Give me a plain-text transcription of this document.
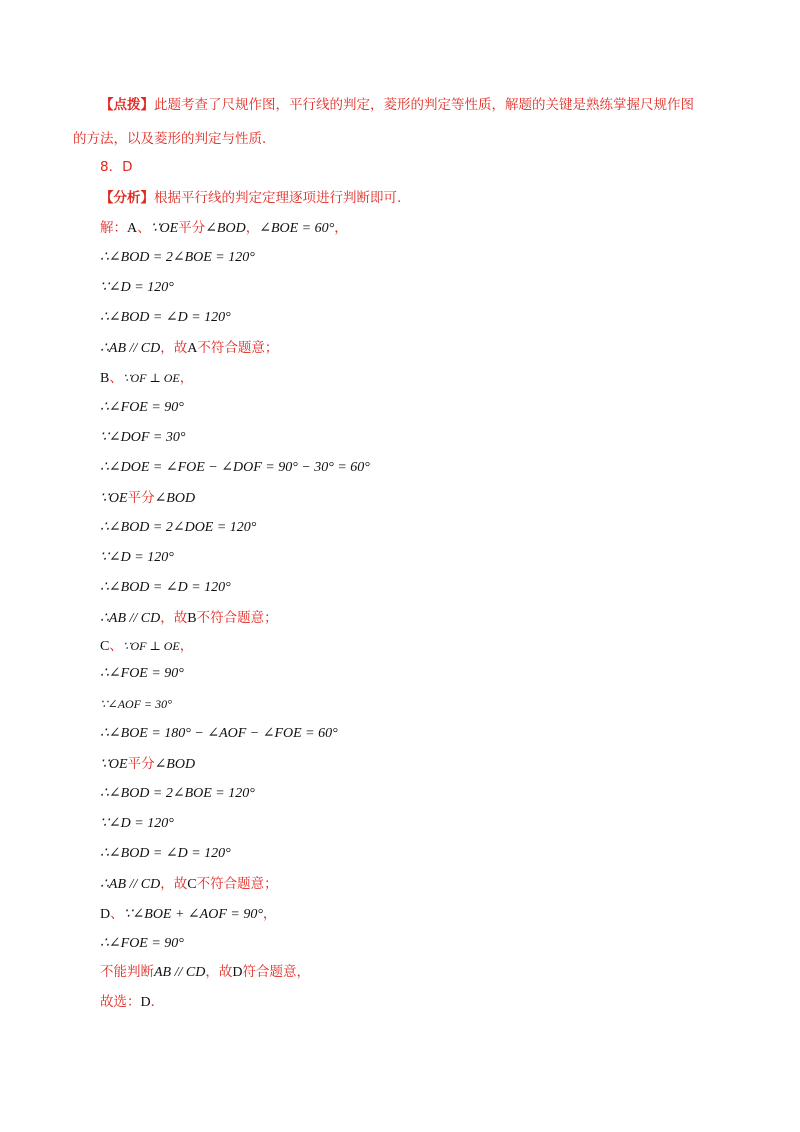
【点拨】此题考查了尺规作图，平行线的判定，菱形的判定等性质，解题的关键是熟练掌握尺规作图
的方法，以及菱形的判定与性质．
8．D
【分析】根据平行线的判定定理逐项进行判断即可.
解：A、∵OE平分∠BOD，∠BOE = 60°，
∴∠BOD = 2∠BOE = 120°
∵∠D = 120°
∴∠BOD = ∠D = 120°
∴AB // CD，故A不符合题意；
B、∵OF ⊥ OE，
∴∠FOE = 90°
∵∠DOF = 30°
∴∠DOE = ∠FOE − ∠DOF = 90° − 30° = 60°
∵OE平分∠BOD
∴∠BOD = 2∠DOE = 120°
∵∠D = 120°
∴∠BOD = ∠D = 120°
∴AB // CD，故B不符合题意；
C、∵OF ⊥ OE，
∴∠FOE = 90°
∵∠AOF = 30°
∴∠BOE = 180° − ∠AOF − ∠FOE = 60°
∵OE平分∠BOD
∴∠BOD = 2∠BOE = 120°
∵∠D = 120°
∴∠BOD = ∠D = 120°
∴AB // CD，故C不符合题意；
D、∵∠BOE + ∠AOF = 90°，
∴∠FOE = 90°
不能判断AB // CD，故D符合题意，
故选：D．
